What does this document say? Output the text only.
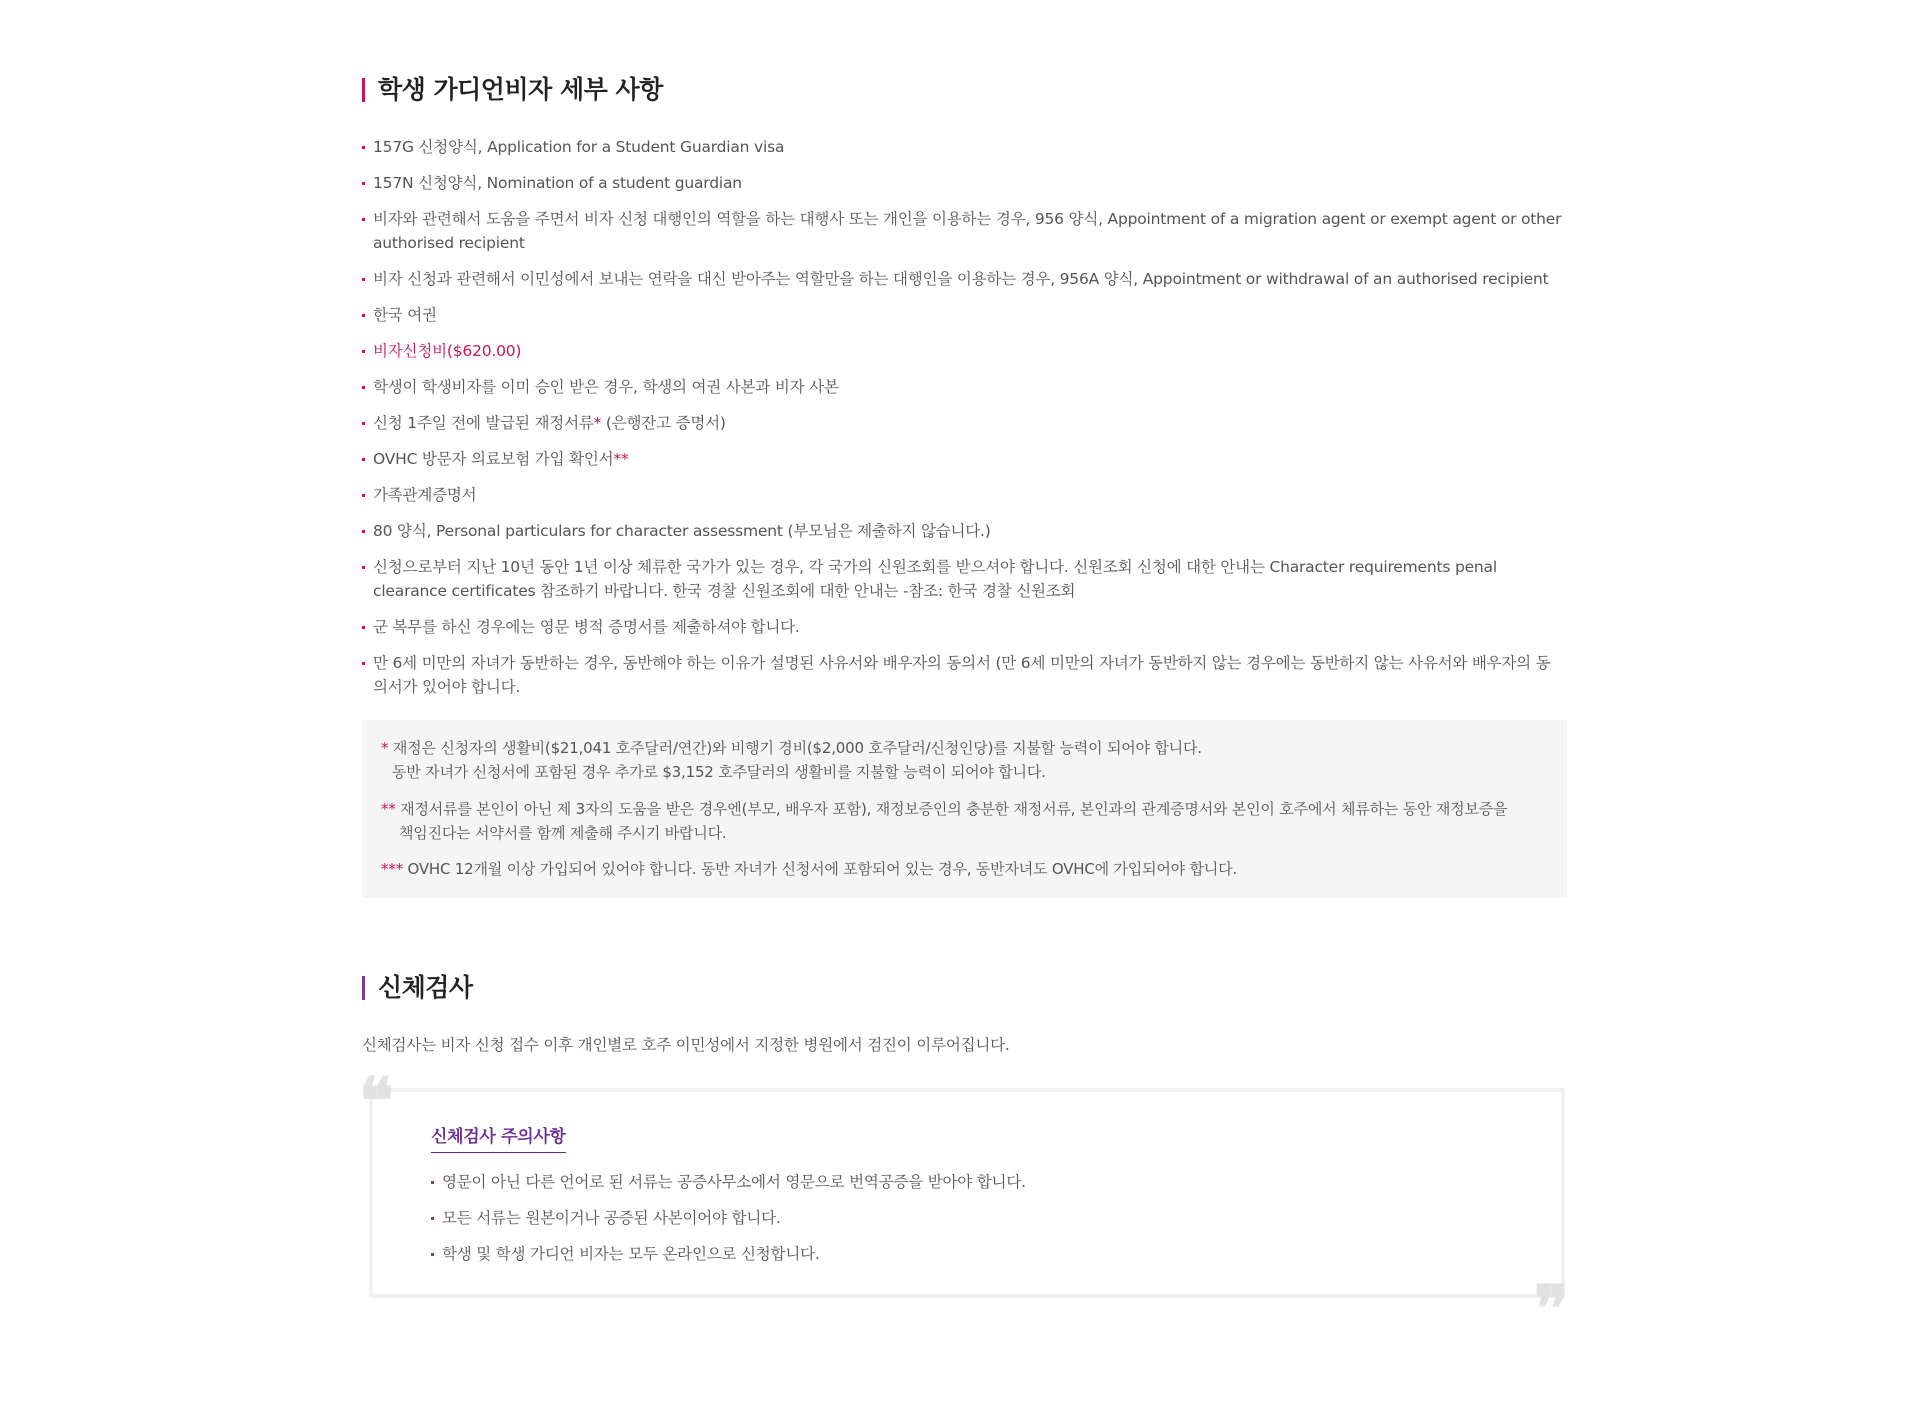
학생 가디언비자 세부 사항
157G 신청양식, Application for a Student Guardian visa
157N 신청양식, Nomination of a student guardian
비자와 관련해서 도움을 주면서 비자 신청 대행인의 역할을 하는 대행사 또는 개인을 이용하는 경우, 956 양식, Appointment of a migration agent or exempt agent or other authorised recipient
비자 신청과 관련해서 이민성에서 보내는 연락을 대신 받아주는 역할만을 하는 대행인을 이용하는 경우, 956A 양식, Appointment or withdrawal of an authorised recipient
한국 여권
비자신청비($620.00)
학생이 학생비자를 이미 승인 받은 경우, 학생의 여권 사본과 비자 사본
신청 1주일 전에 발급된 재정서류* (은행잔고 증명서)
OVHC 방문자 의료보험 가입 확인서**
가족관계증명서
80 양식, Personal particulars for character assessment (부모님은 제출하지 않습니다.)
신청으로부터 지난 10년 동안 1년 이상 체류한 국가가 있는 경우, 각 국가의 신원조회를 받으셔야 합니다. 신원조회 신청에 대한 안내는 Character requirements penal clearance certificates 참조하기 바랍니다. 한국 경찰 신원조회에 대한 안내는 -참조: 한국 경찰 신원조회
군 복무를 하신 경우에는 영문 병적 증명서를 제출하셔야 합니다.
만 6세 미만의 자녀가 동반하는 경우, 동반해야 하는 이유가 설명된 사유서와 배우자의 동의서 (만 6세 미만의 자녀가 동반하지 않는 경우에는 동반하지 않는 사유서와 배우자의 동의서가 있어야 합니다.
* 재정은 신청자의 생활비($21,041 호주달러/연간)와 비행기 경비($2,000 호주달러/신청인당)를 지불할 능력이 되어야 합니다.
동반 자녀가 신청서에 포함된 경우 추가로 $3,152 호주달러의 생활비를 지불할 능력이 되어야 합니다.
** 재정서류를 본인이 아닌 제 3자의 도움을 받은 경우엔(부모, 배우자 포함), 재정보증인의 충분한 재정서류, 본인과의 관계증명서와 본인이 호주에서 체류하는 동안 재정보증을
책임진다는 서약서를 함께 제출해 주시기 바랍니다.
*** OVHC 12개월 이상 가입되어 있어야 합니다. 동반 자녀가 신청서에 포함되어 있는 경우, 동반자녀도 OVHC에 가입되어야 합니다.
신체검사

신체검사는 비자 신청 접수 이후 개인별로 호주 이민성에서 지정한 병원에서 검진이 이루어집니다.

신체검사 주의사항
영문이 아닌 다른 언어로 된 서류는 공증사무소에서 영문으로 번역공증을 받아야 합니다.
모든 서류는 원본이거나 공증된 사본이어야 합니다.
학생 및 학생 가디언 비자는 모두 온라인으로 신청합니다.
❝
❞
